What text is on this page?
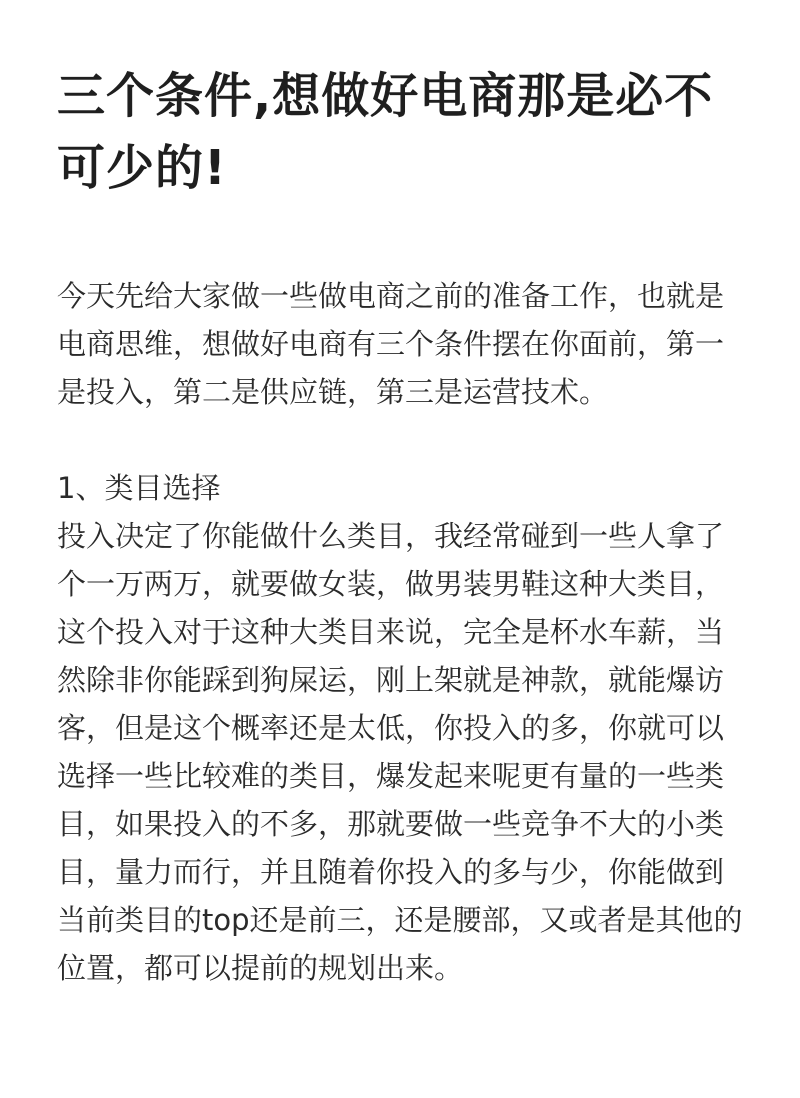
三个条件,想做好电商那是必不可少的!

今天先给大家做一些做电商之前的准备工作，也就是电商思维，想做好电商有三个条件摆在你面前，第一是投入，第二是供应链，第三是运营技术。

1、类目选择

投入决定了你能做什么类目，我经常碰到一些人拿了个一万两万，就要做女装，做男装男鞋这种大类目，这个投入对于这种大类目来说，完全是杯水车薪，当然除非你能踩到狗屎运，刚上架就是神款，就能爆访客，但是这个概率还是太低，你投入的多，你就可以选择一些比较难的类目，爆发起来呢更有量的一些类目，如果投入的不多，那就要做一些竞争不大的小类目，量力而行，并且随着你投入的多与少，你能做到当前类目的top还是前三，还是腰部，又或者是其他的位置，都可以提前的规划出来。
